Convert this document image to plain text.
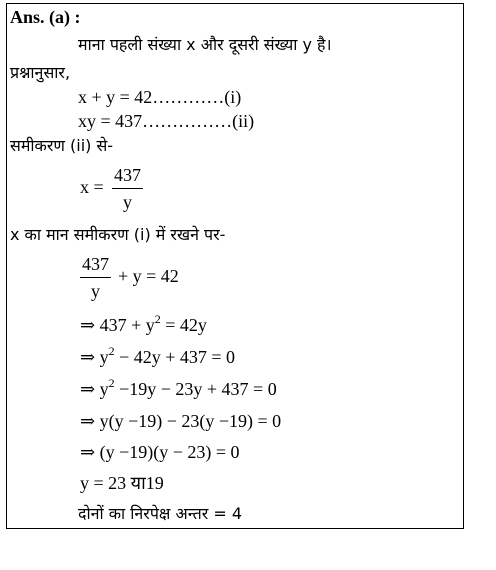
Ans. (a) :
माना पहली संख्या x और दूसरी संख्या y है।
प्रश्नानुसार,
x + y = 42…………(i)
xy = 437……………(ii)
समीकरण (ii) से-
x =
437
y
x का मान समीकरण (i) में रखने पर-
437
y
+ y = 42
⇒ $437 + y^2 = 42y$
⇒ $y^2 - 42y + 437 = 0$
⇒ $y^2 -19y - 23y + 437 = 0$
⇒ y(y −19) − 23(y −19) = 0
⇒ (y −19)(y − 23) = 0
y = 23 या19
दोनों का निरपेक्ष अन्तर = 4
